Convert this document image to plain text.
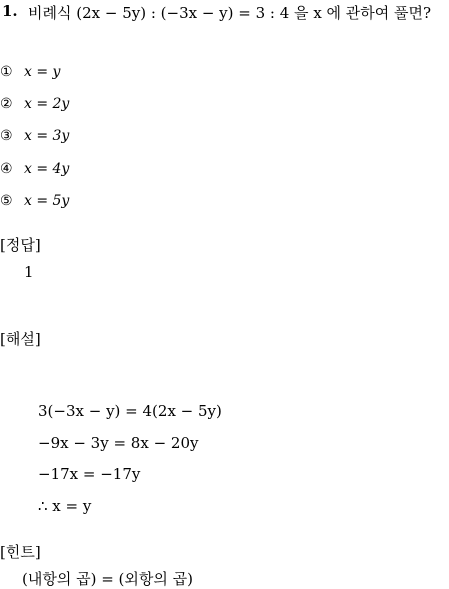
1. 비례식 (2x − 5y) : (−3x − y) = 3 : 4 을 x 에 관하여 풀면?
① x = y
② x = 2y
③ x = 3y
④ x = 4y
⑤ x = 5y
[정답]
1
[해설]
3(−3x − y) = 4(2x − 5y)
−9x − 3y = 8x − 20y
−17x = −17y
∴ x = y
[힌트]
(내항의 곱) = (외항의 곱)
